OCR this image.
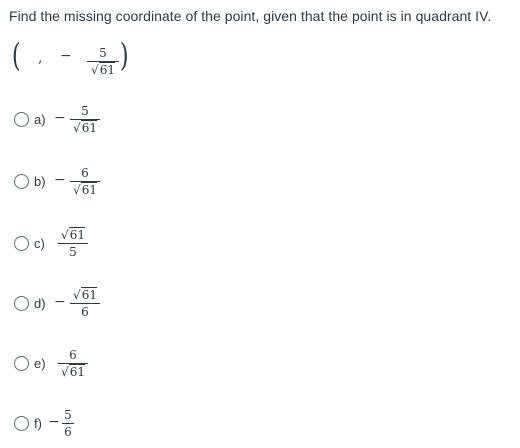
Find the missing coordinate of the point, given that the point is in quadrant IV.
( , −	5
√61 )
a) −	5
√61
b) −	6
√61
c)
√61
5
d) − √61
6
e)
6
√61
f) − 5
6
